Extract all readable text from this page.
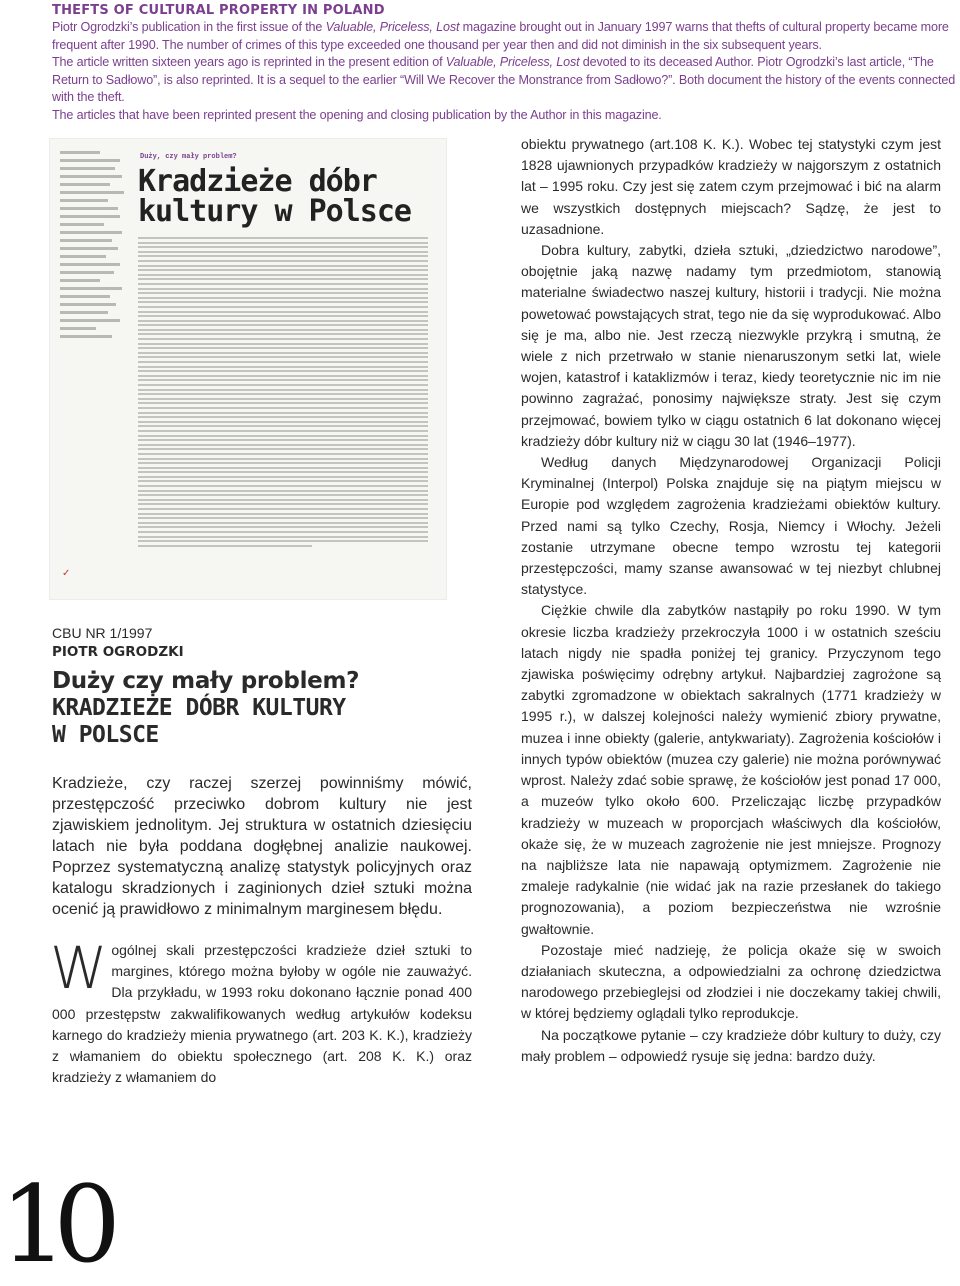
THEFTS OF CULTURAL PROPERTY IN POLAND

Piotr Ogrodzki’s publication in the first issue of the Valuable, Priceless, Lost magazine brought out in January 1997 warns that thefts of cultural property became more frequent after 1990. The number of crimes of this type exceeded one thousand per year then and did not diminish in the six subsequent years.

The article written sixteen years ago is reprinted in the present edition of Valuable, Priceless, Lost devoted to its deceased Author. Piotr Ogrodzki’s last article, “The Return to Sadłowo”, is also reprinted. It is a sequel to the earlier “Will We Recover the Monstrance from Sadłowo?”. Both document the history of the events connected with the theft.

The articles that have been reprinted present the opening and closing publication by the Author in this magazine.

Duży, czy mały problem?
Kradzieże dóbr kultury w Polsce
✓

CBU NR 1/1997

PIOTR OGRODZKI

Duży czy mały problem?
KRADZIEŻE DÓBR KULTURY
W POLSCE

Kradzieże, czy raczej szerzej powinniśmy mówić, przestępczość przeciwko dobrom kultury nie jest zjawiskiem jednolitym. Jej struktura w ostatnich dziesięciu latach nie była poddana dogłębnej analizie naukowej. Poprzez systematyczną analizę statystyk policyjnych oraz katalogu skradzionych i zaginionych dzieł sztuki można ocenić ją prawidłowo z minimalnym marginesem błędu.

W ogólnej skali przestępczości kradzieże dzieł sztuki to margines, którego można byłoby w ogóle nie zauważyć. Dla przykładu, w 1993 roku dokonano łącznie ponad 400 000 przestępstw zakwalifikowanych według artykułów kodeksu karnego do kradzieży mienia prywatnego (art. 203 K. K.), kradzieży z włamaniem do obiektu społecznego (art. 208 K. K.) oraz kradzieży z włamaniem do

obiektu prywatnego (art.108 K. K.). Wobec tej statystyki czym jest 1828 ujawnionych przypadków kradzieży w najgorszym z ostatnich lat – 1995 roku. Czy jest się zatem czym przejmować i bić na alarm we wszystkich dostępnych miejscach? Sądzę, że jest to uzasadnione.

Dobra kultury, zabytki, dzieła sztuki, „dziedzictwo narodowe”, obojętnie jaką nazwę nadamy tym przedmiotom, stanowią materialne świadectwo naszej kultury, historii i tradycji. Nie można powetować powstających strat, tego nie da się wyprodukować. Albo się je ma, albo nie. Jest rzeczą niezwykle przykrą i smutną, że wiele z nich przetrwało w stanie nienaruszonym setki lat, wiele wojen, katastrof i kataklizmów i teraz, kiedy teoretycznie nic im nie powinno zagrażać, ponosimy największe straty. Jest się czym przejmować, bowiem tylko w ciągu ostatnich 6 lat dokonano więcej kradzieży dóbr kultury niż w ciągu 30 lat (1946–1977).

Według danych Międzynarodowej Organizacji Policji Kryminalnej (Interpol) Polska znajduje się na piątym miejscu w Europie pod względem zagrożenia kradzieżami obiektów kultury. Przed nami są tylko Czechy, Rosja, Niemcy i Włochy. Jeżeli zostanie utrzymane obecne tempo wzrostu tej kategorii przestępczości, mamy szanse awansować w tej niezbyt chlubnej statystyce.

Ciężkie chwile dla zabytków nastąpiły po roku 1990. W tym okresie liczba kradzieży przekroczyła 1000 i w ostatnich sześciu latach nigdy nie spadła poniżej tej granicy. Przyczynom tego zjawiska poświęcimy odrębny artykuł. Najbardziej zagrożone są zabytki zgromadzone w obiektach sakralnych (1771 kradzieży w 1995 r.), w dalszej kolejności należy wymienić zbiory prywatne, muzea i inne obiekty (galerie, antykwariaty). Zagrożenia kościołów i innych typów obiektów (muzea czy galerie) nie można porównywać wprost. Należy zdać sobie sprawę, że kościołów jest ponad 17 000, a muzeów tylko około 600. Przeliczając liczbę przypadków kradzieży w muzeach w proporcjach właściwych dla kościołów, okaże się, że w muzeach zagrożenie nie jest mniejsze. Prognozy na najbliższe lata nie napawają optymizmem. Zagrożenie nie zmaleje radykalnie (nie widać jak na razie przesłanek do takiego prognozowania), a poziom bezpieczeństwa nie wzrośnie gwałtownie.

Pozostaje mieć nadzieję, że policja okaże się w swoich działaniach skuteczna, a odpowiedzialni za ochronę dziedzictwa narodowego przebieglejsi od złodziei i nie doczekamy takiej chwili, w której będziemy oglądali tylko reprodukcje.

Na początkowe pytanie – czy kradzieże dóbr kultury to duży, czy mały problem – odpowiedź rysuje się jedna: bardzo duży.

10
